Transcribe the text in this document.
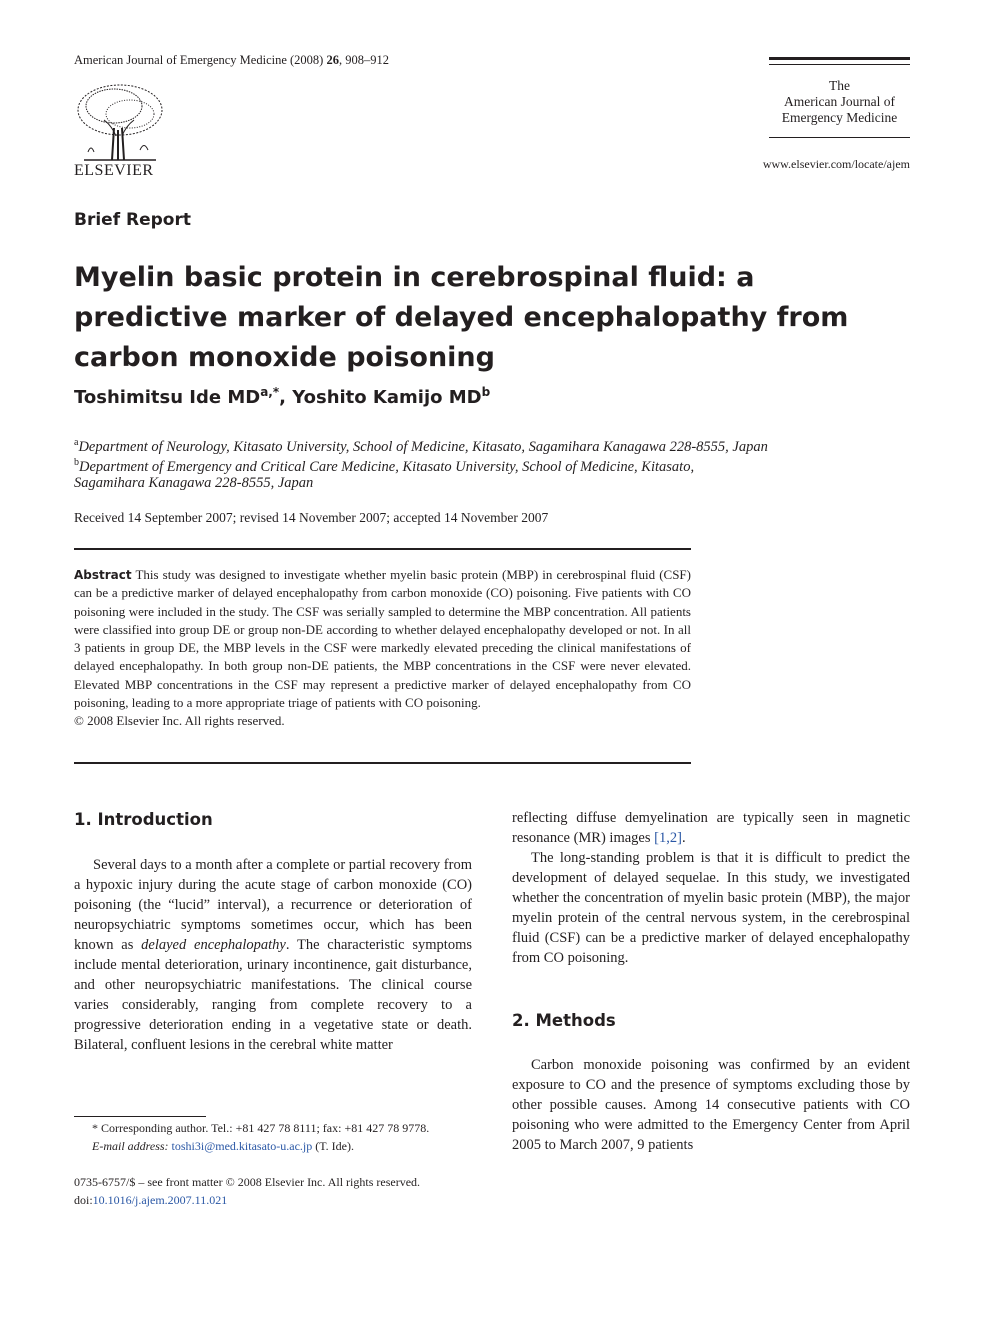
American Journal of Emergency Medicine (2008) 26, 908–912
ELSEVIER
The
American Journal of
Emergency Medicine
www.elsevier.com/locate/ajem
Brief Report
Myelin basic protein in cerebrospinal fluid: a predictive marker of delayed encephalopathy from carbon monoxide poisoning
Toshimitsu Ide $MD^{a,*}$, Yoshito Kamijo $MD^b$
$^a$Department of Neurology, Kitasato University, School of Medicine, Kitasato, Sagamihara Kanagawa 228-8555, Japan
$^b$Department of Emergency and Critical Care Medicine, Kitasato University, School of Medicine, Kitasato,
Sagamihara Kanagawa 228-8555, Japan
Received 14 September 2007; revised 14 November 2007; accepted 14 November 2007
Abstract This study was designed to investigate whether myelin basic protein (MBP) in cerebrospinal fluid (CSF) can be a predictive marker of delayed encephalopathy from carbon monoxide (CO) poisoning. Five patients with CO poisoning were included in the study. The CSF was serially sampled to determine the MBP concentration. All patients were classified into group DE or group non-DE according to whether delayed encephalopathy developed or not. In all 3 patients in group DE, the MBP levels in the CSF were markedly elevated preceding the clinical manifestations of delayed encephalopathy. In both group non-DE patients, the MBP concentrations in the CSF were never elevated. Elevated MBP concentrations in the CSF may represent a predictive marker of delayed encephalopathy from CO poisoning, leading to a more appropriate triage of patients with CO poisoning.
© 2008 Elsevier Inc. All rights reserved.
1. Introduction

Several days to a month after a complete or partial recovery from a hypoxic injury during the acute stage of carbon monoxide (CO) poisoning (the “lucid” interval), a recurrence or deterioration of neuropsychiatric symptoms sometimes occur, which has been known as delayed encephalopathy. The characteristic symptoms include mental deterioration, urinary incontinence, gait disturbance, and other neuropsychiatric manifestations. The clinical course varies considerably, ranging from complete recovery to a progressive deterioration ending in a vegetative state or death. Bilateral, confluent lesions in the cerebral white matter

* Corresponding author. Tel.: +81 427 78 8111; fax: +81 427 78 9778.
E-mail address: toshi3i@med.kitasato-u.ac.jp (T. Ide).
0735-6757/$ – see front matter © 2008 Elsevier Inc. All rights reserved.
doi:10.1016/j.ajem.2007.11.021

reflecting diffuse demyelination are typically seen in magnetic resonance (MR) images [1,2].

The long-standing problem is that it is difficult to predict the development of delayed sequelae. In this study, we investigated whether the concentration of myelin basic protein (MBP), the major myelin protein of the central nervous system, in the cerebrospinal fluid (CSF) can be a predictive marker of delayed encephalopathy from CO poisoning.

2. Methods

Carbon monoxide poisoning was confirmed by an evident exposure to CO and the presence of symptoms excluding those by other possible causes. Among 14 consecutive patients with CO poisoning who were admitted to the Emergency Center from April 2005 to March 2007, 9 patients
